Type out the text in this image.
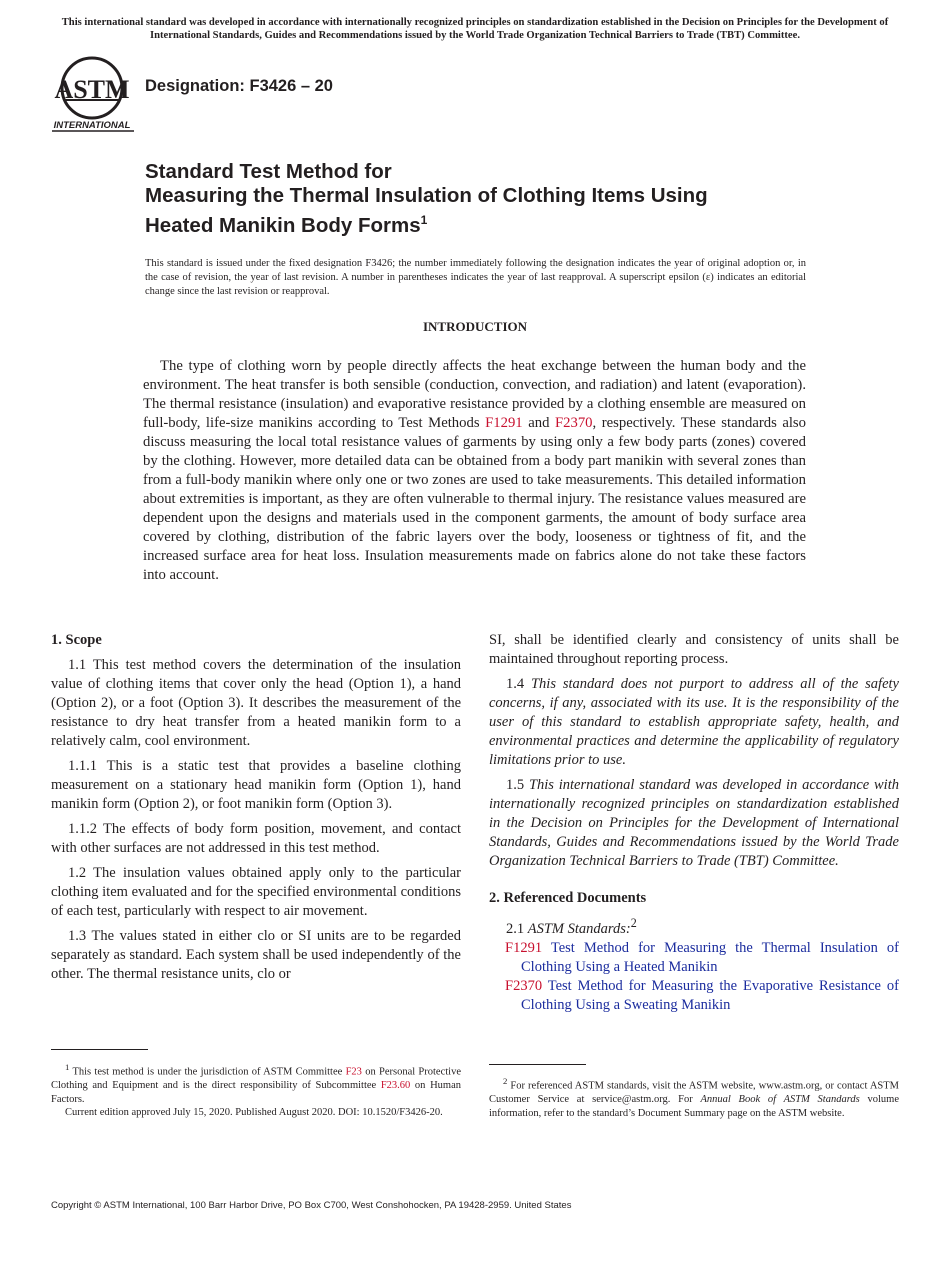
This international standard was developed in accordance with internationally recognized principles on standardization established in the Decision on Principles for the Development of International Standards, Guides and Recommendations issued by the World Trade Organization Technical Barriers to Trade (TBT) Committee.
ASTM
INTERNATIONAL
Designation: F3426 – 20
Standard Test Method for
Measuring the Thermal Insulation of Clothing Items Using
Heated Manikin Body Forms$^1$
This standard is issued under the fixed designation F3426; the number immediately following the designation indicates the year of original adoption or, in the case of revision, the year of last revision. A number in parentheses indicates the year of last reapproval. A superscript epsilon (ε) indicates an editorial change since the last revision or reapproval.
INTRODUCTION

The type of clothing worn by people directly affects the heat exchange between the human body and the environment. The heat transfer is both sensible (conduction, convection, and radiation) and latent (evaporation). The thermal resistance (insulation) and evaporative resistance provided by a clothing ensemble are measured on full-body, life-size manikins according to Test Methods F1291 and F2370, respectively. These standards also discuss measuring the local total resistance values of garments by using only a few body parts (zones) covered by the clothing. However, more detailed data can be obtained from a body part manikin with several zones than from a full-body manikin where only one or two zones are used to take measurements. This detailed information about extremities is important, as they are often vulnerable to thermal injury. The resistance values measured are dependent upon the designs and materials used in the component garments, the amount of body surface area covered by clothing, distribution of the fabric layers over the body, looseness or tightness of fit, and the increased surface area for heat loss. Insulation measurements made on fabrics alone do not take these factors into account.

1. Scope

1.1 This test method covers the determination of the insulation value of clothing items that cover only the head (Option 1), a hand (Option 2), or a foot (Option 3). It describes the measurement of the resistance to dry heat transfer from a heated manikin form to a relatively calm, cool environment.

1.1.1 This is a static test that provides a baseline clothing measurement on a stationary head manikin form (Option 1), hand manikin form (Option 2), or foot manikin form (Option 3).

1.1.2 The effects of body form position, movement, and contact with other surfaces are not addressed in this test method.

1.2 The insulation values obtained apply only to the particular clothing item evaluated and for the specified environmental conditions of each test, particularly with respect to air movement.

1.3 The values stated in either clo or SI units are to be regarded separately as standard. Each system shall be used independently of the other. The thermal resistance units, clo or

SI, shall be identified clearly and consistency of units shall be maintained throughout reporting process.

1.4 This standard does not purport to address all of the safety concerns, if any, associated with its use. It is the responsibility of the user of this standard to establish appropriate safety, health, and environmental practices and determine the applicability of regulatory limitations prior to use.

1.5 This international standard was developed in accordance with internationally recognized principles on standardization established in the Decision on Principles for the Development of International Standards, Guides and Recommendations issued by the World Trade Organization Technical Barriers to Trade (TBT) Committee.

2. Referenced Documents

2.1 ASTM Standards:$^2$

F1291 Test Method for Measuring the Thermal Insulation of Clothing Using a Heated Manikin

F2370 Test Method for Measuring the Evaporative Resistance of Clothing Using a Sweating Manikin

$^1$ This test method is under the jurisdiction of ASTM Committee F23 on Personal Protective Clothing and Equipment and is the direct responsibility of Subcommittee F23.60 on Human Factors.

Current edition approved July 15, 2020. Published August 2020. DOI: 10.1520/F3426-20.

$^2$ For referenced ASTM standards, visit the ASTM website, www.astm.org, or contact ASTM Customer Service at service@astm.org. For Annual Book of ASTM Standards volume information, refer to the standard’s Document Summary page on the ASTM website.

Copyright © ASTM International, 100 Barr Harbor Drive, PO Box C700, West Conshohocken, PA 19428-2959. United States
